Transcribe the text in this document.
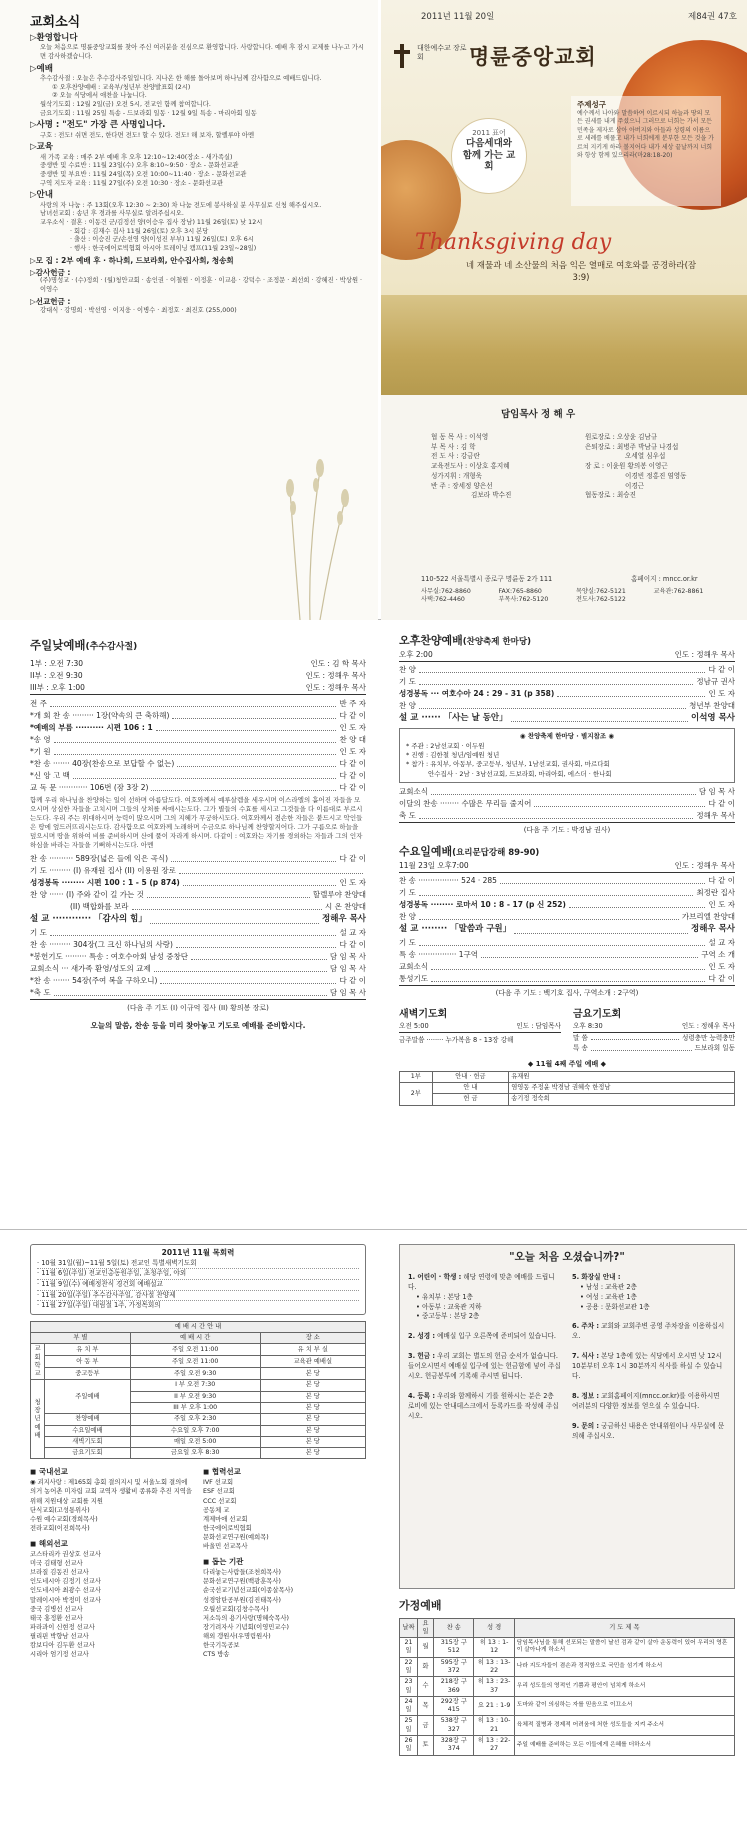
교회소식
▷환영합니다
오늘 처음으로 명륜중앙교회를 찾아 주신 여러분을 진심으로 환영합니다. 사랑합니다. 예배 후 잠시 교제를 나누고 가시면 감사하겠습니다.
▷예배
추수감사절 : 오늘은 추수감사주일입니다. 지나온 한 해를 돌아보며 하나님께 감사함으로 예배드립니다.
① 오후찬양예배 : 교육부/청년부 찬양발표회 (2시)
② 오늘 식당에서 애찬을 나눕니다.
월삭기도회 : 12월 2일(금) 오전 5시, 전교인 함께 참여합니다.
금요기도회 : 11월 25일 특송 - 드보라회 일동 · 12월 9일 특송 - 마리아회 일동
▷사명 : "전도" 가장 큰 사명입니다.
구호 : 전도! 쉬면 전도, 한다면 전도! 할 수 있다. 전도! 해 보자, 할렐루야 아멘
▷교육
새 가족 교육 : 매주 2부 예배 후 오후 12:10~12:40(장소 - 새가족실)
중생반 및 수료반 : 11월 23일(수) 오후 8:10~9:50 · 장소 - 문화선교관
중생반 및 부요반 : 11월 24일(목) 오전 10:00~11:40 · 장소 - 문화선교관
구역 지도자 교육 : 11월 27일(주) 오전 10:30 · 장소 - 문화선교관
▷안내
사랑의 자 나눔 : 주 13회(오후 12:30 ~ 2:30) 차 나눔 전도에 봉사하실 분 사무실로 신청 해주십시오.
남녀선교회 : 송년 후 경과를 사무실로 알려주십시오.
교우소식 · 결혼 : 이동건 군/김정선 양(이승우 집사 장남) 11월 26일(토) 낮 12시
· 회갑 : 김재수 집사 11월 26일(토) 오후 3시 본당
· 출산 : 이승진 군/손선영 양(이성진 부부) 11월 26일(토) 오후 6시
· 행사 : 한국에어로빅협회 아시아 트레이닝 캠프(11월 23일~28일)
▷모 집 : 2부 예배 후 · 하나회, 드보라회, 안수집사회, 청송회
▷감사헌금 :
(주)명성교 · (수)정희 · (월)청안교회 · 송인권 · 이철원 · 이정훈 · 이교용 · 강덕수 · 조정문 · 최선희 · 강혜진 · 박상원 · 이영수
▷선교헌금 :
강대식 · 강명희 · 박선영 · 이지웅 · 이병수 · 최정호 · 최진호 (255,000)
2011년 11월 20일	제84권 47호
대한예수교 장로회	명륜중앙교회
주제성구
예수께서 나아와 말씀하여 이르시되 하늘과 땅의 모든 권세를 내게 주셨으니 그러므로 너희는 가서 모든 민족을 제자로 삼아 아버지와 아들과 성령의 이름으로 세례를 베풀고 내가 너희에게 분부한 모든 것을 가르쳐 지키게 하라 볼지어다 내가 세상 끝날까지 너희와 항상 함께 있으리라(마28:18-20)
2011 표어
다음세대와 함께 가는 교회
Thanksgiving day
네 재물과 네 소산물의 처음 익은 열매로 여호와를 공경하라(잠 3:9)
담임목사 정 해 우
협 동 목 사 : 이석영	원로장로 : 오상윤 김남규
부 목 사 : 김 학	은퇴장로 : 최병주 박남규 나경섭
전 도 사 : 강금란	오세열 심우섭
교육전도사 : 이상호 홍지혜	장 로 : 이윤원 황의봉 이영근
성가지휘 : 개형욱	이경빈 정홍진 염영동
반 주 : 장세정 양은선	이경근
김보라 박수진	협동장로 : 최승진
110-522 서울특별시 종로구 명륜동 2가 111	홈페이지 : mncc.or.kr
사무실:762-8860	FAX:765-8860	목양실:762-5121	교육관:762-8861
사택:762-4460	부목사:762-5120	전도사:762-5122
주일낮예배 (추수감사절)
1부 : 오전 7:30	인도 : 김 학 목사
II부 : 오전 9:30	인도 : 정해우 목사
III부 : 오후 1:00	인도 : 정해우 목사
전 주	반 주 자
*개 회 찬 송 ········· 1장(약속의 큰 축하해)	다 같 이
*예배의 부름 ·········· 시편 106 : 1	인 도 자
*송 영	찬 양 대
*기 원	인 도 자
*찬 송 ······· 40장(찬송으로 보답할 수 없는)	다 같 이
*신 앙 고 백	다 같 이
교 독 문 ············ 106번 (잠 3장 2)	다 같 이
함께 우리 하나님을 찬양하는 일이 선하며 아름답도다. 여호와께서 예루살렘을 세우시며 이스라엘의 흩어진 자들을 모으시며 상심한 자들을 고치시며 그들의 상처를 싸매시는도다. 그가 별들의 수효를 세시고 그것들을 다 이름대로 부르시는도다. 우리 주는 위대하시며 능력이 많으시며 그의 지혜가 무궁하시도다. 여호와께서 겸손한 자들은 붙드시고 악인들은 땅에 엎드러뜨리시는도다. 감사함으로 여호와께 노래하며 수금으로 하나님께 찬양할지어다. 그가 구름으로 하늘을 덮으시며 땅을 위하여 비를 준비하시며 산에 풀이 자라게 하시며. 다같이 : 여호와는 자기를 경외하는 자들과 그의 인자하심을 바라는 자들을 기뻐하시는도다. 아멘
찬 송 ·········· 589장(넓은 들에 익은 곡식)	다 같 이
기 도 ········· (I) 유재원 집사 (II) 이용원 장로
성경봉독 ········ 시편 100 : 1 - 5 (p 874)	인 도 자
찬 양 ······ (I) 주와 같이 길 가는 것	할렐루야 찬양대
(II) 백합화를 보라	시 온 찬양대
설 교 ············ 「감사의 힘」	정해우 목사
기 도	설 교 자
찬 송 ········· 304장(그 크신 하나님의 사랑)	다 같 이
*봉헌기도 ········· 특송 : 여호수아회 남성 중창단	담 임 목 사
교회소식 ··· 새가족 환영/성도의 교제	담 임 목 사
*찬 송 ······· 54장(주여 복을 구하오니)	다 같 이
*축 도	담 임 목 사
(다음 주 기도 (I) 이규억 집사 (II) 황의봉 장로)
오늘의 말씀, 찬송 등을 미리 찾아놓고 기도로 예배를 준비합시다.
오후찬양예배 (찬양축제 한마당)
오후 2:00	인도 : 정해우 목사
찬 양	다 같 이
기 도	정남규 권사
성경봉독 ··· 여호수아 24 : 29 - 31 (p 358)	인 도 자
찬 양	청년부 찬양대
설 교 ······ 「사는 날 동안」	이석영 목사
◉ 찬양축제 한마당 · 별지참조 ◉
* 주관 : 2남선교회 · 이두원
* 진행 : 김한철 청년/임예원 청년
* 참가 : 유치부, 아동부, 중고등부, 청년부, 1남선교회, 권사회, 마르다회
안수집사 · 2남 · 3남선교회, 드보라회, 마리아회, 에스더 · 한나회
교회소식	담 임 목 사
이달의 찬송 ········ 수많은 무리들 줄지어	다 같 이
축 도	정해우 목사
(다음 주 기도 : 박경남 권사)
수요일예배 (요리문답강해 89-90)
11월 23일 오후7:00	인도 : 정해우 목사
찬 송 ················· 524 · 285	다 같 이
기 도	최정란 집사
성경봉독 ········ 로마서 10 : 8 - 17 (p 신 252)	인 도 자
찬 양	가브리엘 찬양대
설 교 ········ 「말씀과 구원」	정해우 목사
기 도	설 교 자
특 송 ················ 1구역	구역 소 개
교회소식	인 도 자
통성기도	다 같 이
(다음 주 기도 : 백기호 집사, 구역소개 : 2구역)
새벽기도회
오전 5:00	인도 : 담임목사
금주말씀 ········ 누가복음 8 - 13장 강해
금요기도회
오후 8:30	인도 : 정해우 목사
말 씀	성령충만 능력충만
특 송	드보라회 일동
◆ 11월 4째 주일 예배 ◆
1부	안내 · 헌금	유재원
2부	안 내	염영동 주정윤 박경남 권혜숙 한정남
	헌 금	송기정 정숙희
2011년 11월 목회력
· 10월 31일(월)~11월 5일(토) 전교인 특별새벽기도회
· 11월 6일(주일) 전교인총동원주일, 초청주일, 야외
· 11월 9일(수) 예배정찬식 경건회 예배설교
· 11월 20일(주일) 추수감사주일, 감사절 찬양제
· 11월 27일(주일) 대림절 1주, 가정목회의
예 배 시 간 안 내			
부 별		예 배 시 간	장 소
교회학교	유 치 부	주일 오전 11:00	유 치 부 실
	아 동 부	주일 오전 11:00	교육관 예배실
	중고등부	주일 오전 9:30	본 당
청장년예배	주일예배	I 부 오전 7:30	본 당
		II 부 오전 9:30	본 당
		III 부 오후 1:00	본 당
	찬양예배	주일 오후 2:30	본 당
	수요일예배	수요일 오후 7:00	본 당
	새벽기도회	매일 오전 5:00	본 당
	금요기도회	금요일 오후 8:30	본 당
◼ 국내선교
◉ 괴지사랑 : 제165회 총회 결의지시 및 서울노회 결의에 의거 농어촌 미자립 교회 교역자 생활비 종류화 추진 지역을 위해 지원대상 교회를 지원
단식교회(고성통위사)
수원 예수교회(경희목사)
전라교회(이진희목사)
◼ 해외선교
코스타리카 권상호 선교사
미국 김태형 선교사
브라질 김동진 선교사
인도네시아 김정기 선교사
인도네시아 최광수 선교사
말레이시아 박정미 선교사
중국 김병선 선교사
태국 홍정환 선교사
파라과이 신현정 선교사
필리핀 박향남 선교사
캄보디아 김두환 선교사
시리아 엄기정 선교사
◼ 협력선교
IVF 선교회
ESF 선교회
CCC 선교회
공동체 교
계제마애 선교회
한국에어로빅협회
문화선교연구원(예희목)
바울민 선교목사
◼ 돕는 기관
다리놓는사람들(조천희목사)
문화선교연구원(백광훈목사)
순국선교기념선교회(이종살목사)
성경암탄공부원(김진태목사)
오월선교회(김창수목사)
저소득의 용기사랑(명혜숙목사)
장기려자사 기념회(이영민교수)
해외 갱원사(우명림원사)
한국기독공보
CTS 방송
"오늘 처음 오셨습니까?"
1. 어린이 · 학생 : 해당 연령에 맞춘 예배를 드립니다.
• 유치부 : 본당 1층
• 아동부 : 교육관 지하
• 중고등부 : 본당 2층
2. 성경 : 예배실 입구 오른쪽에 준비되어 있습니다.
3. 헌금 : 우리 교회는 별도의 헌금 순서가 없습니다. 들어오시면서 예배실 입구에 있는 헌금함에 넣어 주십시오. 헌금봉투에 기록해 주시면 됩니다.
4. 등록 : 우리와 함께하시 기를 원하시는 분은 2층 로비에 있는 안내데스크에서 등록카드를 작성해 주십시오.
5. 화장실 안내 :
• 남성 : 교육관 2층
• 여성 : 교육관 1층
• 공용 : 문화선교관 1층
6. 주차 : 교회와 교회주변 공영 주차장을 이용하십시오.
7. 식사 : 본당 1층에 있는 식당에서 오시면 낮 12시 10분부터 오후 1시 30분까지 식사를 하실 수 있습니다.
8. 정보 : 교회홈페이지(mncc.or.kr)를 이용하시면 여러분의 다양한 정보를 얻으실 수 있습니다.
9. 문의 : 궁금하신 내용은 안내위원이나 사무실에 문의해 주십시오.
가정예배
날짜	요일	찬 송	성 경	기 도 제 목
21일	월	315장 구 512	히 13 : 1-12	담임목사님을 통해 선포되는 말씀이 날선 검과 같이 살아 운동력이 있어 우리의 영혼이 살아나게 하소서
22일	화	595장 구 372	히 13 : 13-22	나라 지도자들이 겸손과 정직함으로 국민을 섬기게 하소서
23일	수	218장 구 369	히 13 : 23-37	우리 성도들의 영적인 기쁨과 평안이 넘치게 하소서
24일	목	292장 구 415	요 21 : 1-9	도마와 같이 의심하는 자를 믿음으로 이끄소서
25일	금	538장 구 327	히 13 : 10-21	육체적 질병과 경제적 어려움에 처한 성도들을 지켜 주소서
26일	토	328장 구 374	히 13 : 22-27	주일 예배를 준비하는 모든 이들에게 은혜를 더하소서
